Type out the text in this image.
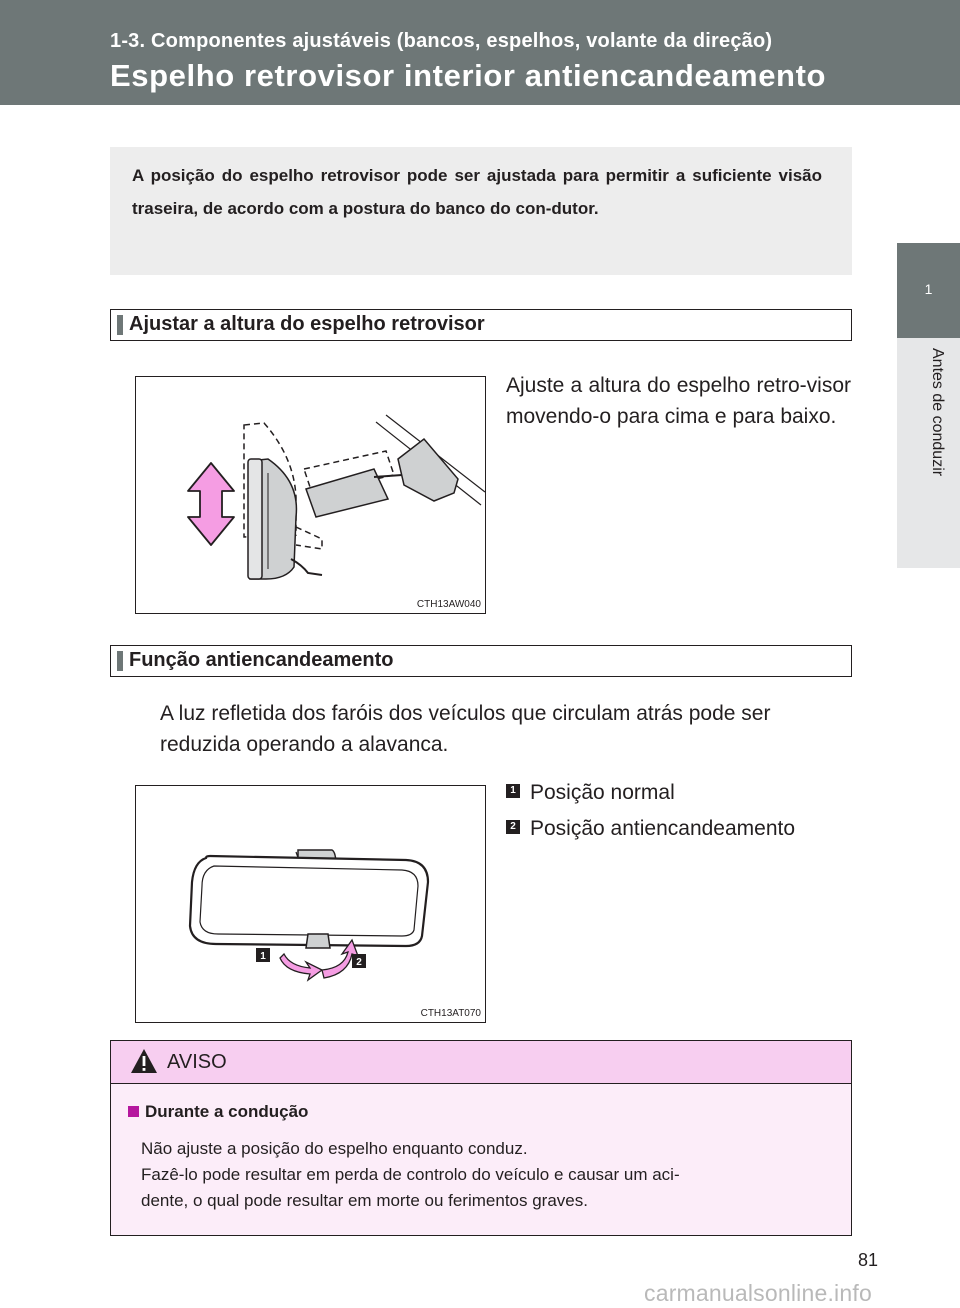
1-3. Componentes ajustáveis (bancos, espelhos, volante da direção)
Espelho retrovisor interior antiencandeamento
1
Antes de conduzir

A posição do espelho retrovisor pode ser ajustada para permitir a suficiente visão traseira, de acordo com a postura do banco do con-dutor.

Ajustar a altura do espelho retrovisor
CTH13AW040
Ajuste a altura do espelho retro-visor movendo-o para cima e para baixo.
Função antiencandeamento
A luz refletida dos faróis dos veículos que circulam atrás pode ser
reduzida operando a alavanca.
1
2
CTH13AT070
1 Posição normal
2 Posição antiencandeamento
AVISO
Durante a condução
Não ajuste a posição do espelho enquanto conduz.
Fazê-lo pode resultar em perda de controlo do veículo e causar um aci-
dente, o qual pode resultar em morte ou ferimentos graves.
81
carmanualsonline.info
